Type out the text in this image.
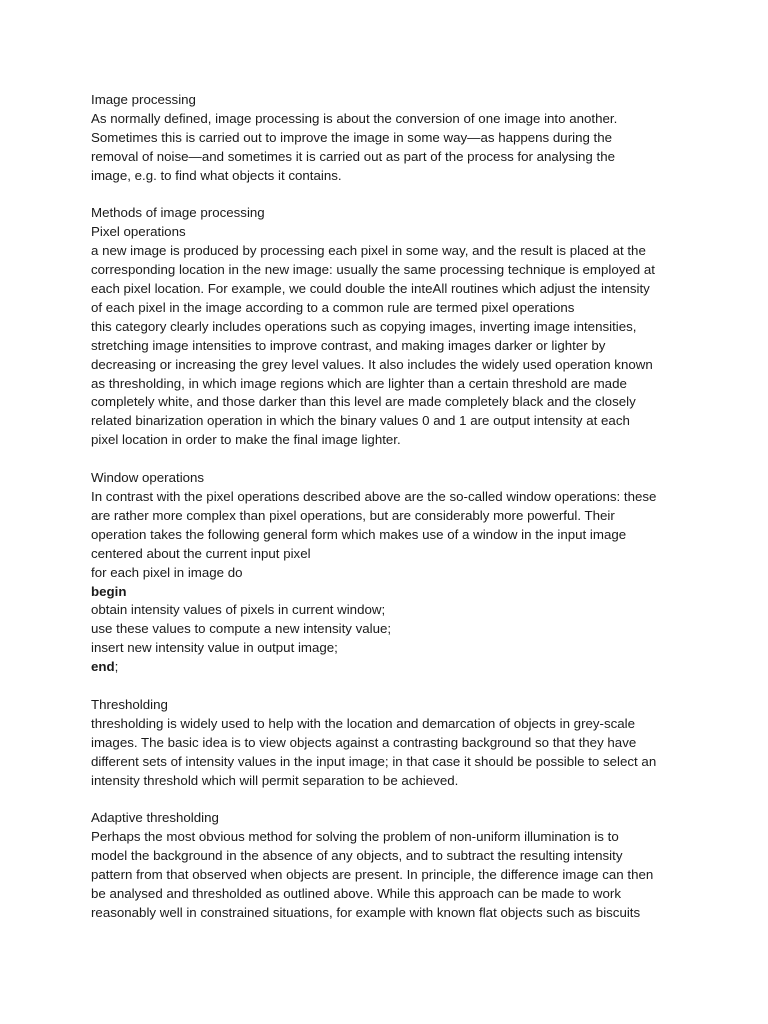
Image processing
As normally defined, image processing is about the conversion of one image into another.
Sometimes this is carried out to improve the image in some way—as happens during the
removal of noise—and sometimes it is carried out as part of the process for analysing the
image, e.g. to find what objects it contains.
Methods of image processing
Pixel operations
a new image is produced by processing each pixel in some way, and the result is placed at the
corresponding location in the new image: usually the same processing technique is employed at
each pixel location. For example, we could double the inteAll routines which adjust the intensity
of each pixel in the image according to a common rule are termed pixel operations
this category clearly includes operations such as copying images, inverting image intensities,
stretching image intensities to improve contrast, and making images darker or lighter by
decreasing or increasing the grey level values. It also includes the widely used operation known
as thresholding, in which image regions which are lighter than a certain threshold are made
completely white, and those darker than this level are made completely black and the closely
related binarization operation in which the binary values 0 and 1 are output intensity at each
pixel location in order to make the final image lighter.
Window operations
In contrast with the pixel operations described above are the so-called window operations: these
are rather more complex than pixel operations, but are considerably more powerful. Their
operation takes the following general form which makes use of a window in the input image
centered about the current input pixel
for each pixel in image do
begin
obtain intensity values of pixels in current window;
use these values to compute a new intensity value;
insert new intensity value in output image;
end;
Thresholding
thresholding is widely used to help with the location and demarcation of objects in grey-scale
images. The basic idea is to view objects against a contrasting background so that they have
different sets of intensity values in the input image; in that case it should be possible to select an
intensity threshold which will permit separation to be achieved.
Adaptive thresholding
Perhaps the most obvious method for solving the problem of non-uniform illumination is to
model the background in the absence of any objects, and to subtract the resulting intensity
pattern from that observed when objects are present. In principle, the difference image can then
be analysed and thresholded as outlined above. While this approach can be made to work
reasonably well in constrained situations, for example with known flat objects such as biscuits
